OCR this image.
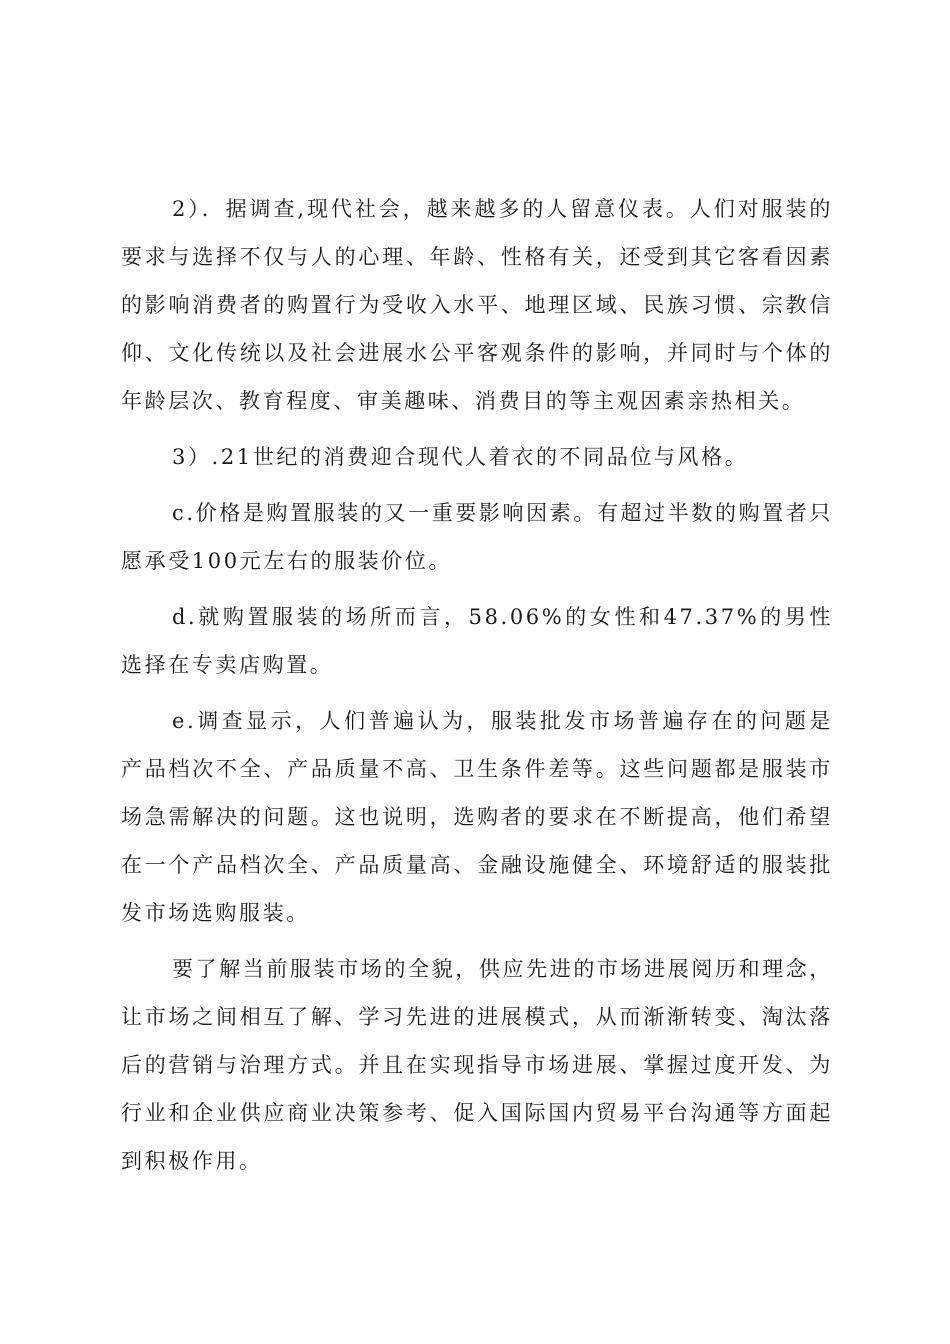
2）．据调查,现代社会，越来越多的人留意仪表。人们对服装的要求与选择不仅与人的心理、年龄、性格有关，还受到其它客看因素的影响消费者的购置行为受收入水平、地理区域、民族习惯、宗教信仰、文化传统以及社会进展水公平客观条件的影响，并同时与个体的年龄层次、教育程度、审美趣味、消费目的等主观因素亲热相关。

3）.21世纪的消费迎合现代人着衣的不同品位与风格。

c.价格是购置服装的又一重要影响因素。有超过半数的购置者只愿承受100元左右的服装价位。

d.就购置服装的场所而言，58.06%的女性和47.37%的男性选择在专卖店购置。

e.调查显示，人们普遍认为，服装批发市场普遍存在的问题是产品档次不全、产品质量不高、卫生条件差等。这些问题都是服装市场急需解决的问题。这也说明，选购者的要求在不断提高，他们希望在一个产品档次全、产品质量高、金融设施健全、环境舒适的服装批发市场选购服装。

要了解当前服装市场的全貌，供应先进的市场进展阅历和理念，让市场之间相互了解、学习先进的进展模式，从而渐渐转变、淘汰落后的营销与治理方式。并且在实现指导市场进展、掌握过度开发、为行业和企业供应商业决策参考、促入国际国内贸易平台沟通等方面起到积极作用。
